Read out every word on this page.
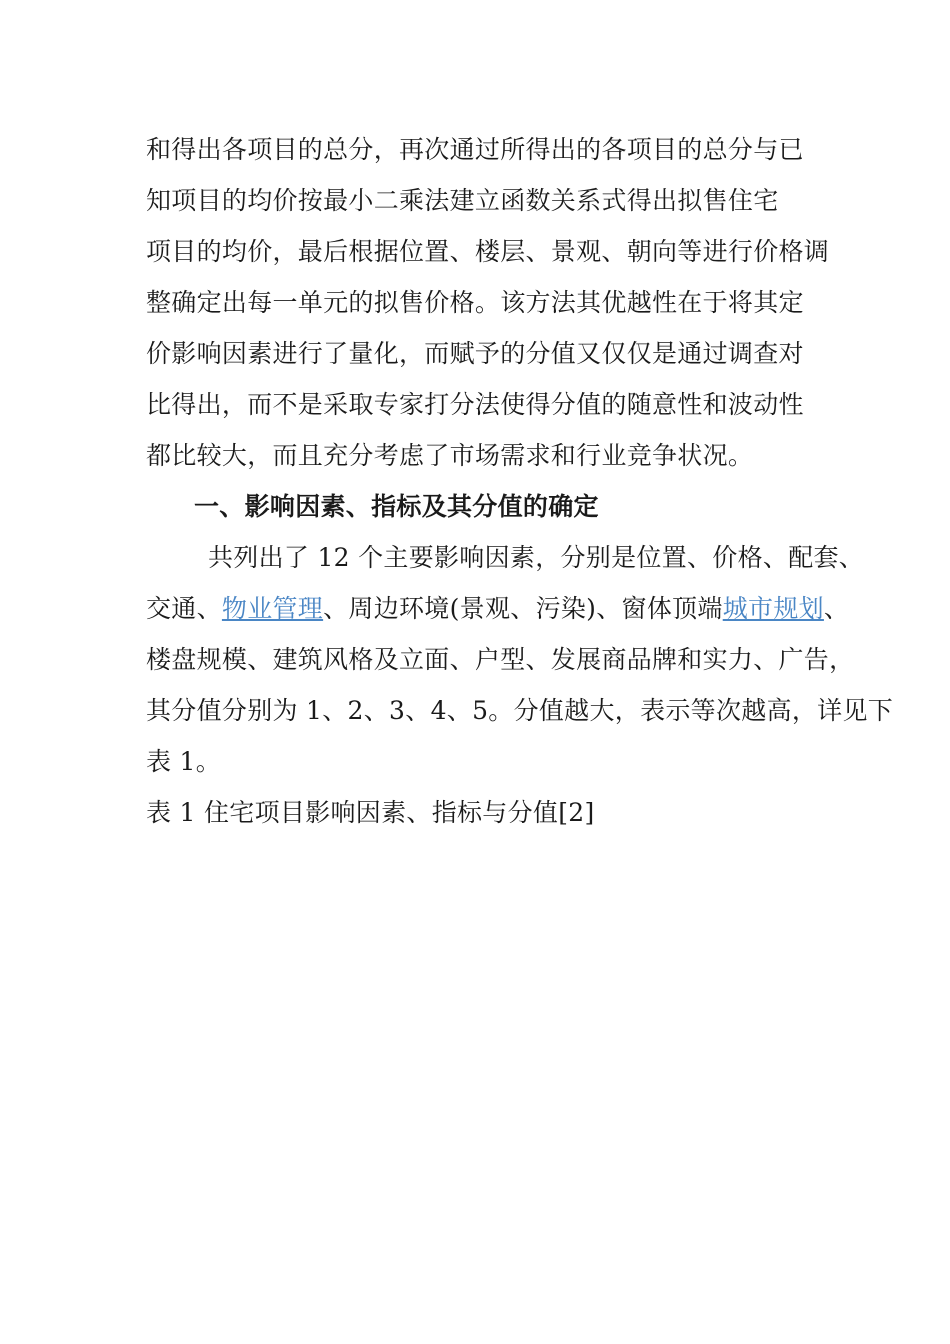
和得出各项目的总分，再次通过所得出的各项目的总分与已
知项目的均价按最小二乘法建立函数关系式得出拟售住宅
项目的均价，最后根据位置、楼层、景观、朝向等进行价格调
整确定出每一单元的拟售价格。该方法其优越性在于将其定
价影响因素进行了量化，而赋予的分值又仅仅是通过调查对
比得出，而不是采取专家打分法使得分值的随意性和波动性
都比较大，而且充分考虑了市场需求和行业竞争状况。
一、影响因素、指标及其分值的确定
共列出了 12 个主要影响因素，分别是位置、价格、配套、
交通、物业管理、周边环境(景观、污染)、窗体顶端城市规划、
楼盘规模、建筑风格及立面、户型、发展商品牌和实力、广告，
其分值分别为 1、2、3、4、5。分值越大，表示等次越高，详见下
表 1。
表 1 住宅项目影响因素、指标与分值[2]
